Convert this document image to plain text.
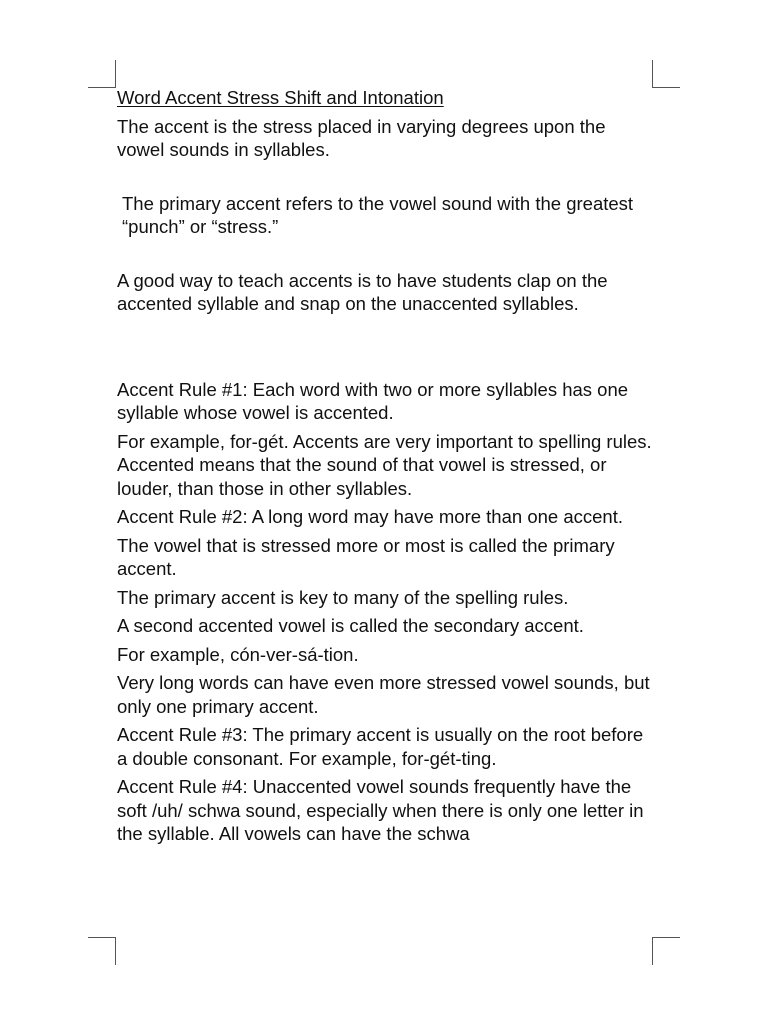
Word Accent Stress Shift and Intonation

The accent is the stress placed in varying degrees upon the vowel sounds in syllables.

The primary accent refers to the vowel sound with the greatest “punch” or “stress.”

A good way to teach accents is to have students clap on the accented syllable and snap on the unaccented syllables.

Accent Rule #1: Each word with two or more syllables has one syllable whose vowel is accented.

For example, for-gét. Accents are very important to spelling rules. Accented means that the sound of that vowel is stressed, or louder, than those in other syllables.

Accent Rule #2: A long word may have more than one accent.

The vowel that is stressed more or most is called the primary accent.

The primary accent is key to many of the spelling rules.

A second accented vowel is called the secondary accent.

For example, cón-ver-sá-tion.

Very long words can have even more stressed vowel sounds, but only one primary accent.

Accent Rule #3: The primary accent is usually on the root before a double consonant. For example, for-gét-ting.

Accent Rule #4: Unaccented vowel sounds frequently have the soft /uh/ schwa sound, especially when there is only one letter in the syllable. All vowels can have the schwa
